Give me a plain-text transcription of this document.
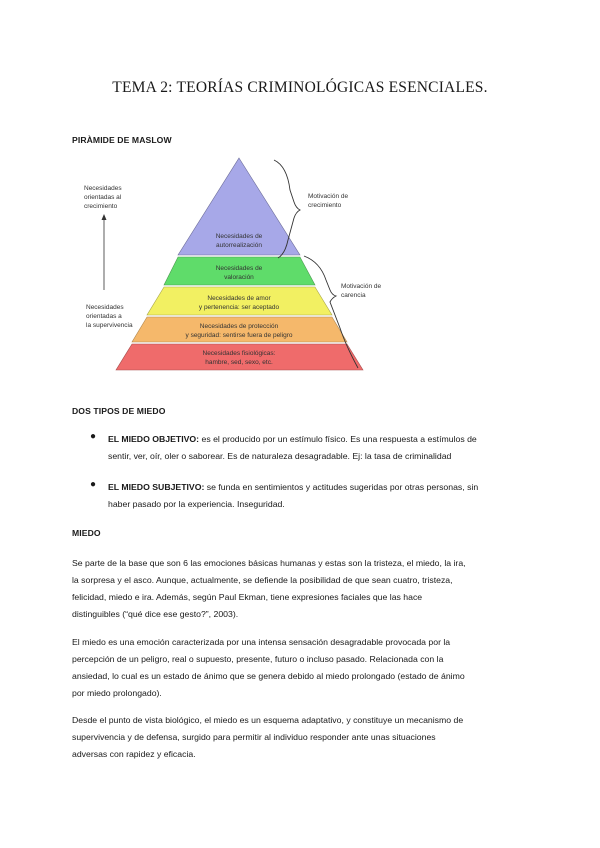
TEMA 2: TEORÍAS CRIMINOLÓGICAS ESENCIALES.
PIRÀMIDE DE MASLOW
Necesidades de
autorrealización
Necesidades de
valoración
Necesidades de amor
y pertenencia: ser aceptado
Necesidades de protección
y seguridad: sentirse fuera de peligro
Necesidades fisiológicas:
hambre, sed, sexo, etc.
Necesidades
orientadas al
crecimiento
Necesidades
orientadas a
la supervivencia
Motivación de
crecimiento
Motivación de
carencia
DOS TIPOS DE MIEDO
● EL MIEDO OBJETIVO: es el producido por un estímulo físico. Es una respuesta a estímulos de
sentir, ver, oír, oler o saborear. Es de naturaleza desagradable. Ej: la tasa de criminalidad
● EL MIEDO SUBJETIVO: se funda en sentimientos y actitudes sugeridas por otras personas, sin
haber pasado por la experiencia. Inseguridad.
MIEDO
Se parte de la base que son 6 las emociones básicas humanas y estas son la tristeza, el miedo, la ira,
la sorpresa y el asco. Aunque, actualmente, se defiende la posibilidad de que sean cuatro, tristeza,
felicidad, miedo e ira. Además, según Paul Ekman, tiene expresiones faciales que las hace
distinguibles (“qué dice ese gesto?”, 2003).
El miedo es una emoción caracterizada por una intensa sensación desagradable provocada por la
percepción de un peligro, real o supuesto, presente, futuro o incluso pasado. Relacionada con la
ansiedad, lo cual es un estado de ánimo que se genera debido al miedo prolongado (estado de ánimo
por miedo prolongado).
Desde el punto de vista biológico, el miedo es un esquema adaptativo, y constituye un mecanismo de
supervivencia y de defensa, surgido para permitir al individuo responder ante unas situaciones
adversas con rapidez y eficacia.
